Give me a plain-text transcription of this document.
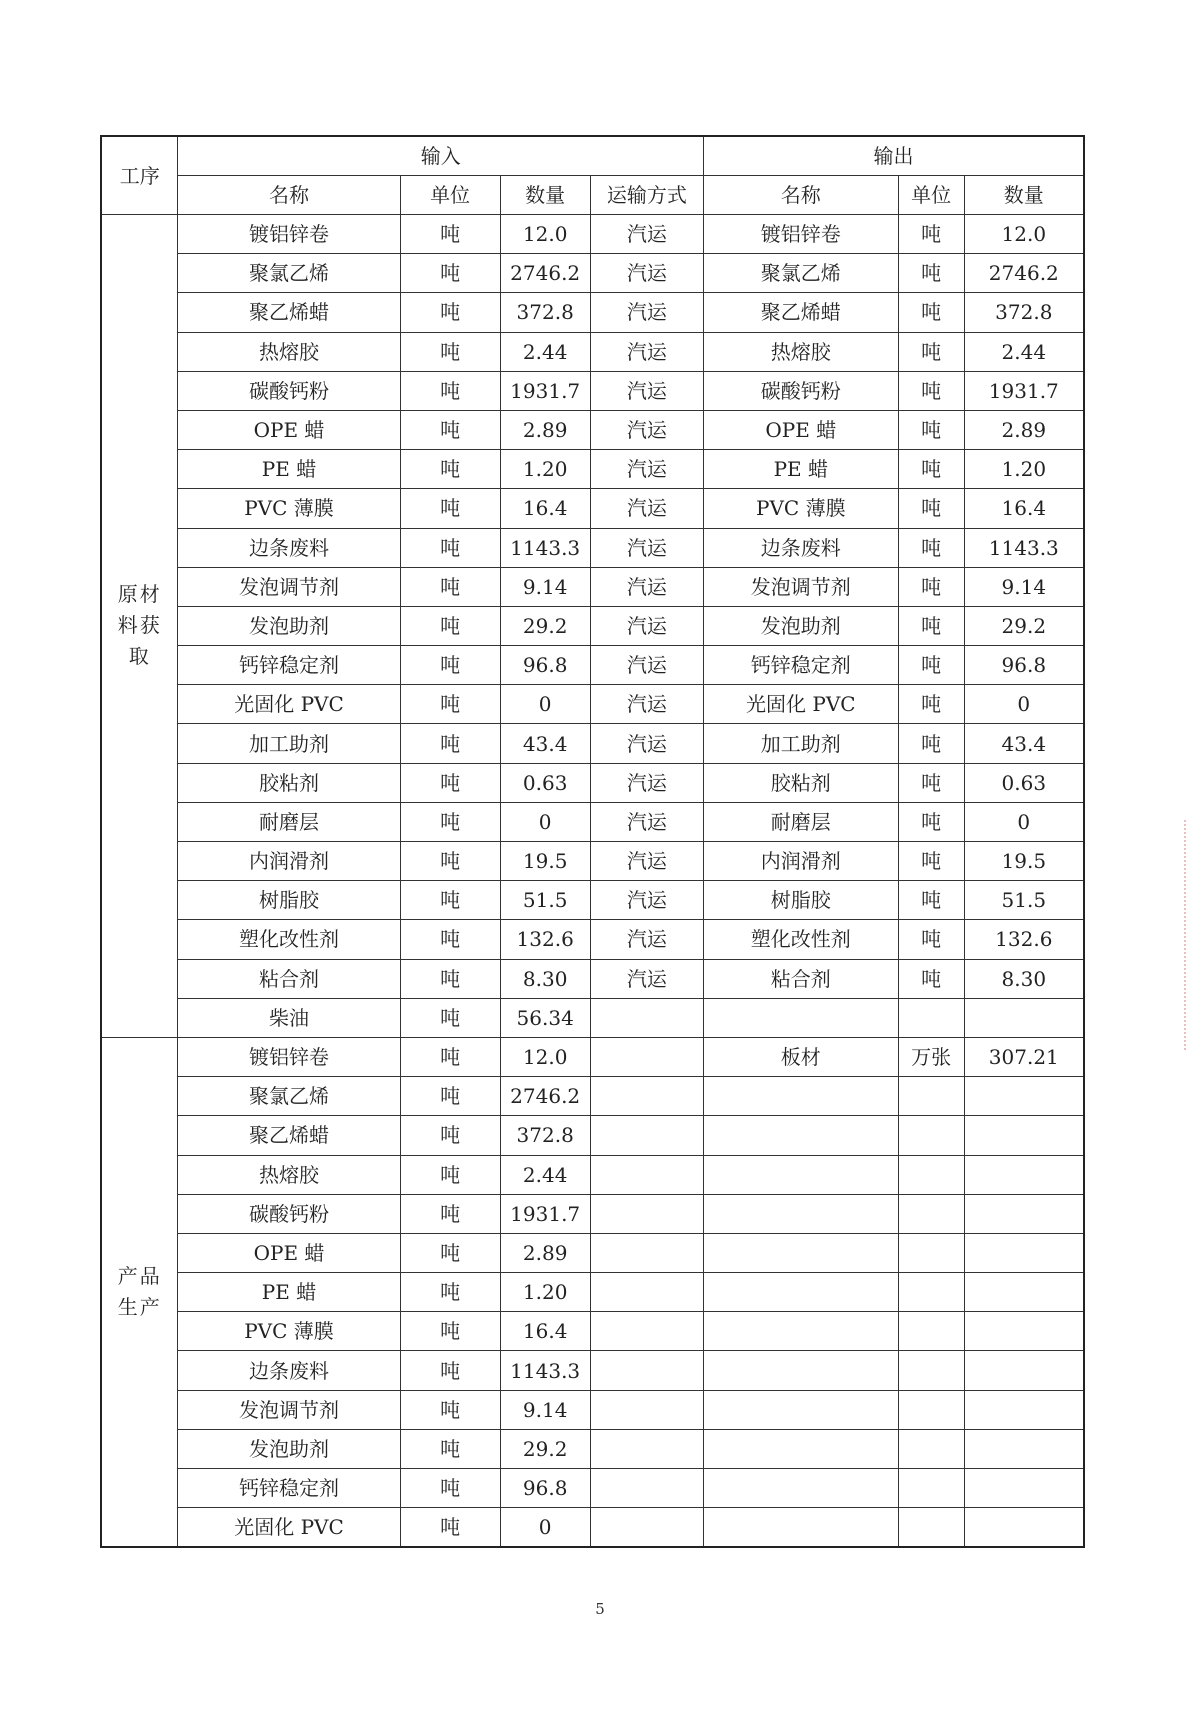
工序	输入				输出		
	名称	单位	数量	运输方式	名称	单位	数量
原材料获取	镀铝锌卷	吨	12.0	汽运	镀铝锌卷	吨	12.0
	聚氯乙烯	吨	2746.2	汽运	聚氯乙烯	吨	2746.2
	聚乙烯蜡	吨	372.8	汽运	聚乙烯蜡	吨	372.8
	热熔胶	吨	2.44	汽运	热熔胶	吨	2.44
	碳酸钙粉	吨	1931.7	汽运	碳酸钙粉	吨	1931.7
	OPE 蜡	吨	2.89	汽运	OPE 蜡	吨	2.89
	PE 蜡	吨	1.20	汽运	PE 蜡	吨	1.20
	PVC 薄膜	吨	16.4	汽运	PVC 薄膜	吨	16.4
	边条废料	吨	1143.3	汽运	边条废料	吨	1143.3
	发泡调节剂	吨	9.14	汽运	发泡调节剂	吨	9.14
	发泡助剂	吨	29.2	汽运	发泡助剂	吨	29.2
	钙锌稳定剂	吨	96.8	汽运	钙锌稳定剂	吨	96.8
	光固化 PVC	吨	0	汽运	光固化 PVC	吨	0
	加工助剂	吨	43.4	汽运	加工助剂	吨	43.4
	胶粘剂	吨	0.63	汽运	胶粘剂	吨	0.63
	耐磨层	吨	0	汽运	耐磨层	吨	0
	内润滑剂	吨	19.5	汽运	内润滑剂	吨	19.5
	树脂胶	吨	51.5	汽运	树脂胶	吨	51.5
	塑化改性剂	吨	132.6	汽运	塑化改性剂	吨	132.6
	粘合剂	吨	8.30	汽运	粘合剂	吨	8.30
	柴油	吨	56.34				
产品生产	镀铝锌卷	吨	12.0		板材	万张	307.21
	聚氯乙烯	吨	2746.2				
	聚乙烯蜡	吨	372.8				
	热熔胶	吨	2.44				
	碳酸钙粉	吨	1931.7				
	OPE 蜡	吨	2.89				
	PE 蜡	吨	1.20				
	PVC 薄膜	吨	16.4				
	边条废料	吨	1143.3				
	发泡调节剂	吨	9.14				
	发泡助剂	吨	29.2				
	钙锌稳定剂	吨	96.8				
	光固化 PVC	吨	0				
5
